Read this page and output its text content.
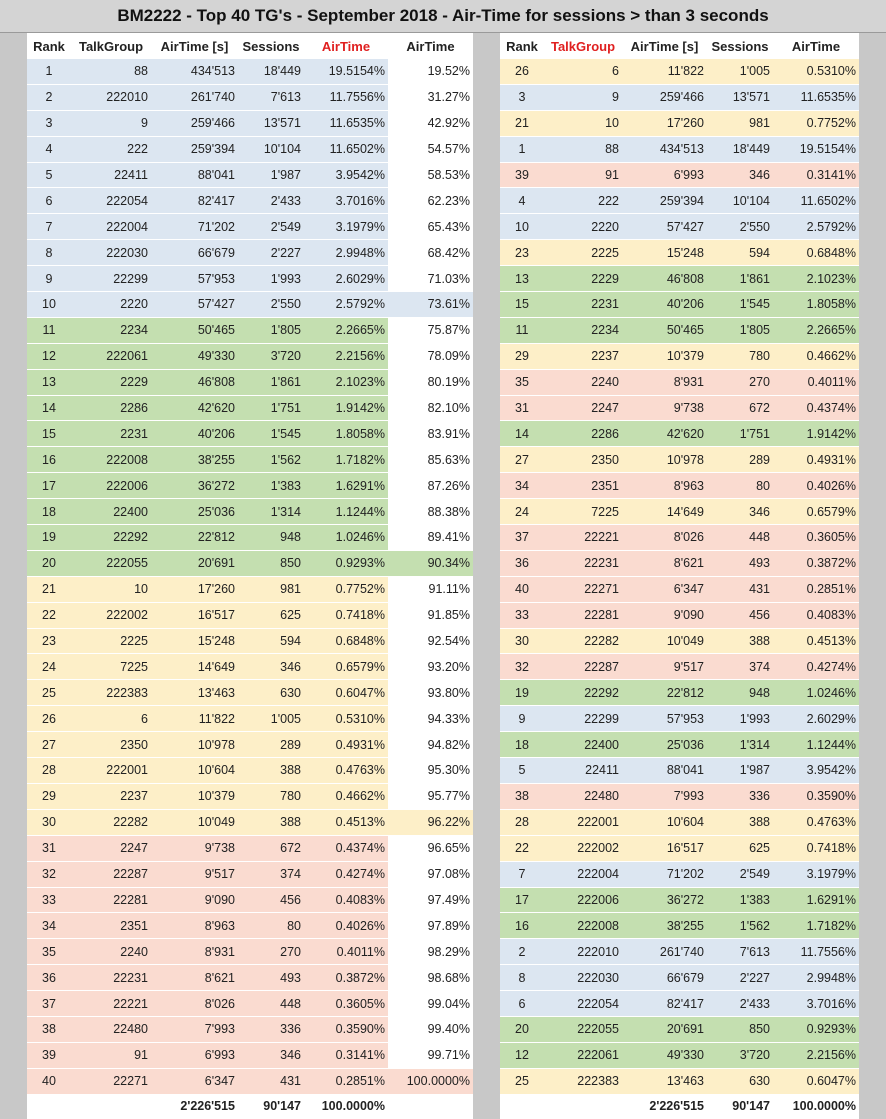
BM2222 - Top 40 TG's - September 2018 - Air-Time for sessions > than 3 seconds
Rank	TalkGroup	AirTime [s]	Sessions	AirTime	AirTime
1	88	434'513	18'449	19.5154%	19.52%
2	222010	261'740	7'613	11.7556%	31.27%
3	9	259'466	13'571	11.6535%	42.92%
4	222	259'394	10'104	11.6502%	54.57%
5	22411	88'041	1'987	3.9542%	58.53%
6	222054	82'417	2'433	3.7016%	62.23%
7	222004	71'202	2'549	3.1979%	65.43%
8	222030	66'679	2'227	2.9948%	68.42%
9	22299	57'953	1'993	2.6029%	71.03%
10	2220	57'427	2'550	2.5792%	73.61%
11	2234	50'465	1'805	2.2665%	75.87%
12	222061	49'330	3'720	2.2156%	78.09%
13	2229	46'808	1'861	2.1023%	80.19%
14	2286	42'620	1'751	1.9142%	82.10%
15	2231	40'206	1'545	1.8058%	83.91%
16	222008	38'255	1'562	1.7182%	85.63%
17	222006	36'272	1'383	1.6291%	87.26%
18	22400	25'036	1'314	1.1244%	88.38%
19	22292	22'812	948	1.0246%	89.41%
20	222055	20'691	850	0.9293%	90.34%
21	10	17'260	981	0.7752%	91.11%
22	222002	16'517	625	0.7418%	91.85%
23	2225	15'248	594	0.6848%	92.54%
24	7225	14'649	346	0.6579%	93.20%
25	222383	13'463	630	0.6047%	93.80%
26	6	11'822	1'005	0.5310%	94.33%
27	2350	10'978	289	0.4931%	94.82%
28	222001	10'604	388	0.4763%	95.30%
29	2237	10'379	780	0.4662%	95.77%
30	22282	10'049	388	0.4513%	96.22%
31	2247	9'738	672	0.4374%	96.65%
32	22287	9'517	374	0.4274%	97.08%
33	22281	9'090	456	0.4083%	97.49%
34	2351	8'963	80	0.4026%	97.89%
35	2240	8'931	270	0.4011%	98.29%
36	22231	8'621	493	0.3872%	98.68%
37	22221	8'026	448	0.3605%	99.04%
38	22480	7'993	336	0.3590%	99.40%
39	91	6'993	346	0.3141%	99.71%
40	22271	6'347	431	0.2851%	100.0000%
		2'226'515	90'147	100.0000%	
Rank	TalkGroup	AirTime [s]	Sessions	AirTime
26	6	11'822	1'005	0.5310%
3	9	259'466	13'571	11.6535%
21	10	17'260	981	0.7752%
1	88	434'513	18'449	19.5154%
39	91	6'993	346	0.3141%
4	222	259'394	10'104	11.6502%
10	2220	57'427	2'550	2.5792%
23	2225	15'248	594	0.6848%
13	2229	46'808	1'861	2.1023%
15	2231	40'206	1'545	1.8058%
11	2234	50'465	1'805	2.2665%
29	2237	10'379	780	0.4662%
35	2240	8'931	270	0.4011%
31	2247	9'738	672	0.4374%
14	2286	42'620	1'751	1.9142%
27	2350	10'978	289	0.4931%
34	2351	8'963	80	0.4026%
24	7225	14'649	346	0.6579%
37	22221	8'026	448	0.3605%
36	22231	8'621	493	0.3872%
40	22271	6'347	431	0.2851%
33	22281	9'090	456	0.4083%
30	22282	10'049	388	0.4513%
32	22287	9'517	374	0.4274%
19	22292	22'812	948	1.0246%
9	22299	57'953	1'993	2.6029%
18	22400	25'036	1'314	1.1244%
5	22411	88'041	1'987	3.9542%
38	22480	7'993	336	0.3590%
28	222001	10'604	388	0.4763%
22	222002	16'517	625	0.7418%
7	222004	71'202	2'549	3.1979%
17	222006	36'272	1'383	1.6291%
16	222008	38'255	1'562	1.7182%
2	222010	261'740	7'613	11.7556%
8	222030	66'679	2'227	2.9948%
6	222054	82'417	2'433	3.7016%
20	222055	20'691	850	0.9293%
12	222061	49'330	3'720	2.2156%
25	222383	13'463	630	0.6047%
		2'226'515	90'147	100.0000%
